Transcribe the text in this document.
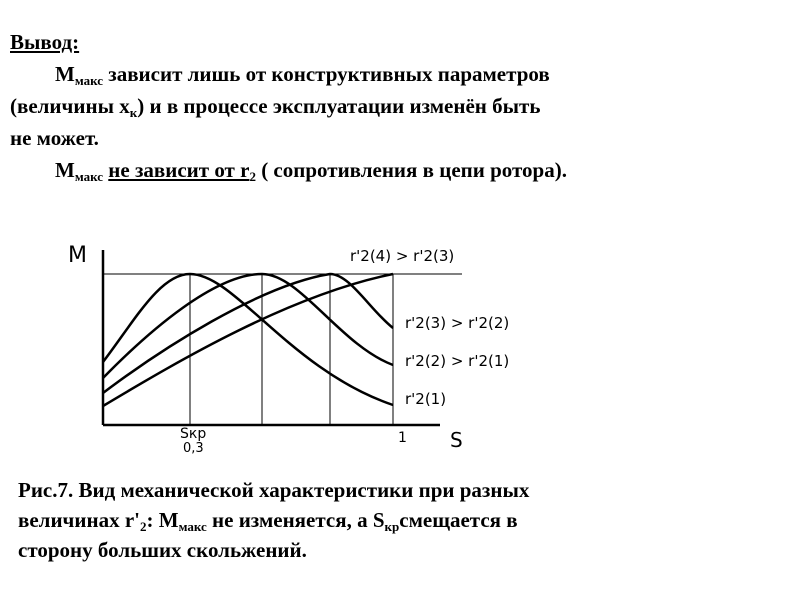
Вывод:
Ммакс зависит лишь от конструктивных параметров
(величины xк) и в процессе эксплуатации изменён быть
не может.
Ммакс не зависит от r2 ( сопротивления в цепи ротора).
M
S
Sкр
0,3
1
r'2(4) > r'2(3)
r'2(3) > r'2(2)
r'2(2) > r'2(1)
r'2(1)
Рис.7. Вид механической характеристики при разных
величинах r'2: Ммакс не изменяется, а Sкрсмещается в
сторону больших скольжений.
